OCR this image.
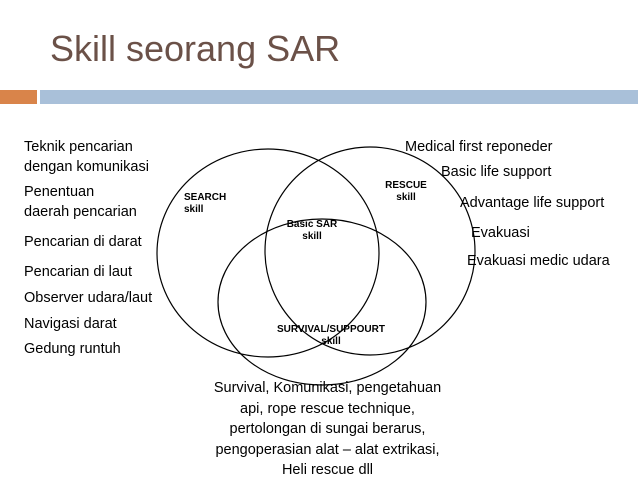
Skill seorang SAR
SEARCH
skill
RESCUE
skill
Basic SAR
skill
SURVIVAL/SUPPOURT
skill
Teknik pencarian
dengan komunikasi
Penentuan
daerah pencarian
Pencarian di darat
Pencarian di laut
Observer udara/laut
Navigasi darat
Gedung runtuh
Medical first reponeder
Basic life support
Advantage life support
Evakuasi
Evakuasi medic udara
Survival, Komunikasi, pengetahuan
api, rope rescue technique,
pertolongan di sungai berarus,
pengoperasian alat – alat extrikasi,
Heli rescue dll
